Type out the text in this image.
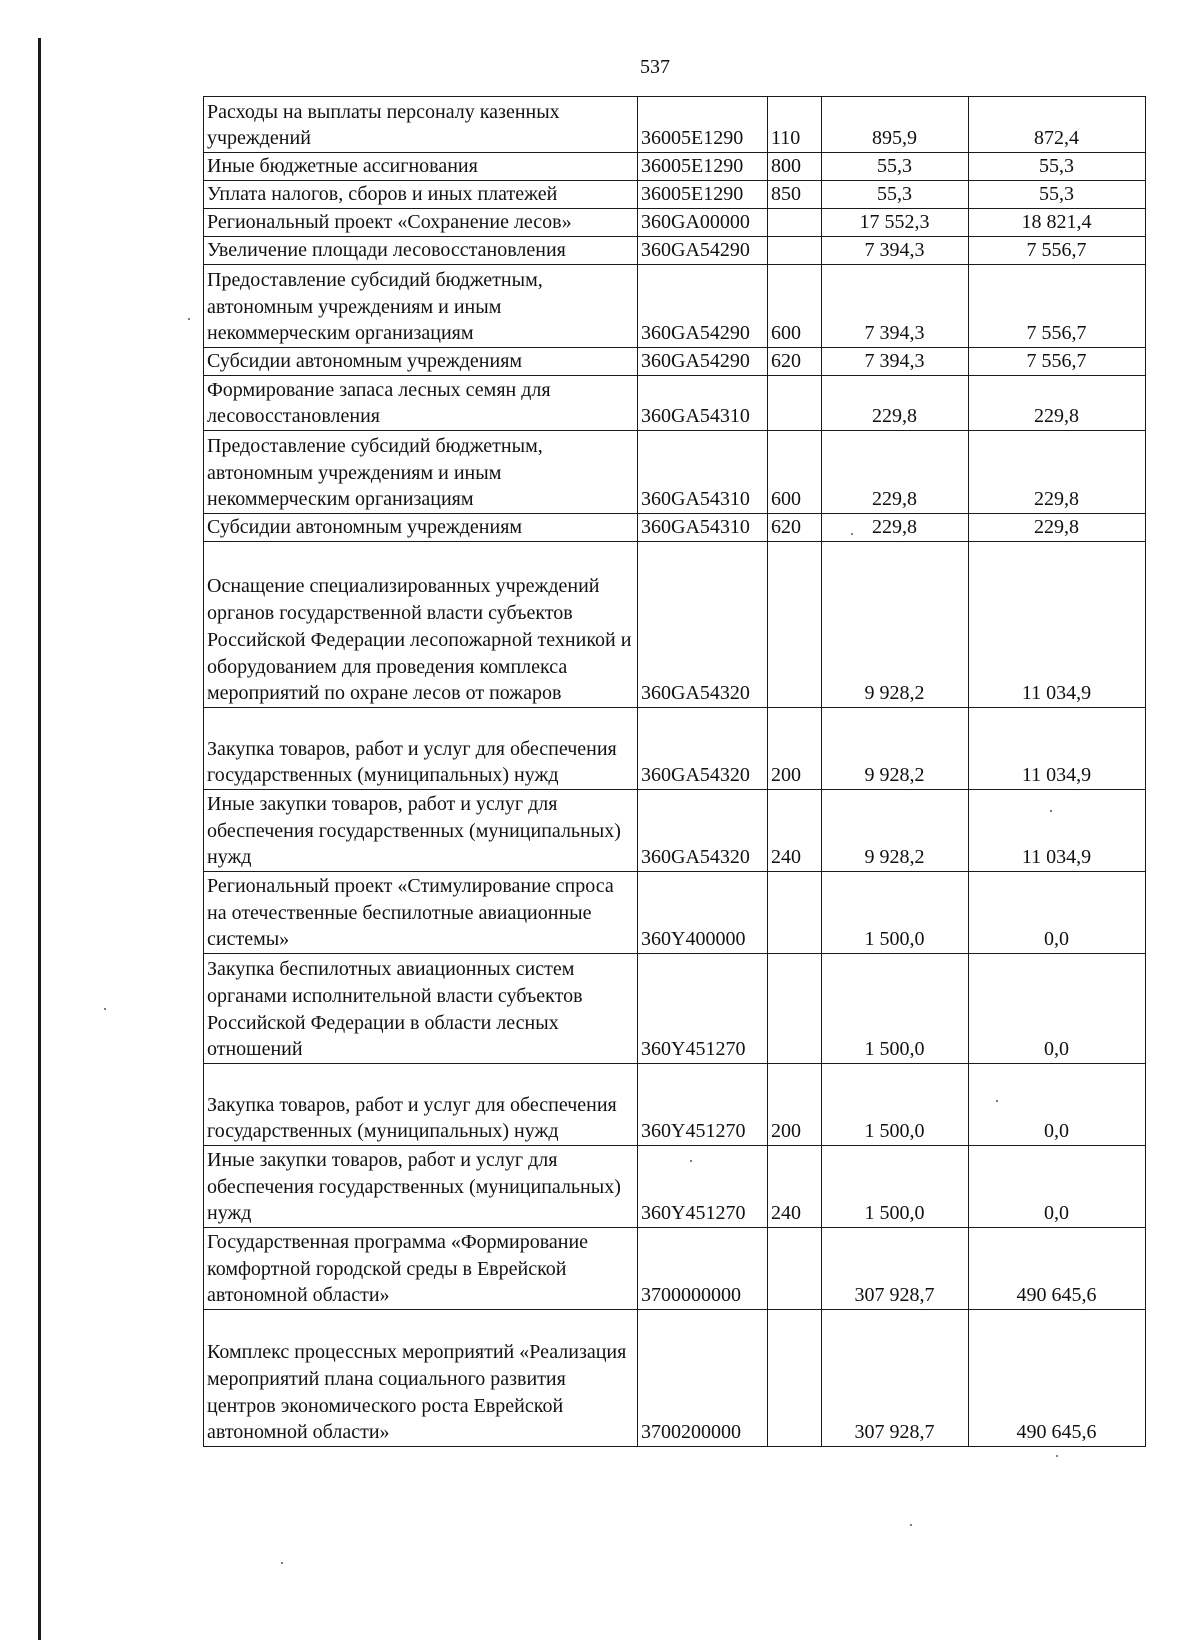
537
Расходы на выплаты персоналу казенных учреждений	36005E1290	110	895,9	872,4
Иные бюджетные ассигнования	36005E1290	800	55,3	55,3
Уплата налогов, сборов и иных платежей	36005E1290	850	55,3	55,3
Региональный проект «Сохранение лесов»	360GA00000		17 552,3	18 821,4
Увеличение площади лесовосстановления	360GA54290		7 394,3	7 556,7
Предоставление субсидий бюджетным, автономным учреждениям и иным некоммерческим организациям	360GA54290	600	7 394,3	7 556,7
Субсидии автономным учреждениям	360GA54290	620	7 394,3	7 556,7
Формирование запаса лесных семян для лесовосстановления	360GA54310		229,8	229,8
Предоставление субсидий бюджетным, автономным учреждениям и иным некоммерческим организациям	360GA54310	600	229,8	229,8
Субсидии автономным учреждениям	360GA54310	620	229,8	229,8
Оснащение специализированных учреждений органов государственной власти субъектов Российской Федерации лесопожарной техникой и оборудованием для проведения комплекса мероприятий по охране лесов от пожаров	360GA54320		9 928,2	11 034,9
Закупка товаров, работ и услуг для обеспечения государственных (муниципальных) нужд	360GA54320	200	9 928,2	11 034,9
Иные закупки товаров, работ и услуг для обеспечения государственных (муниципальных) нужд	360GA54320	240	9 928,2	11 034,9
Региональный проект «Стимулирование спроса на отечественные беспилотные авиационные системы»	360Y400000		1 500,0	0,0
Закупка беспилотных авиационных систем органами исполнительной власти субъектов Российской Федерации в области лесных отношений	360Y451270		1 500,0	0,0
Закупка товаров, работ и услуг для обеспечения государственных (муниципальных) нужд	360Y451270	200	1 500,0	0,0
Иные закупки товаров, работ и услуг для обеспечения государственных (муниципальных) нужд	360Y451270	240	1 500,0	0,0
Государственная программа «Формирование комфортной городской среды в Еврейской автономной области»	3700000000		307 928,7	490 645,6
Комплекс процессных мероприятий «Реализация мероприятий плана социального развития центров экономического роста Еврейской автономной области»	3700200000		307 928,7	490 645,6
